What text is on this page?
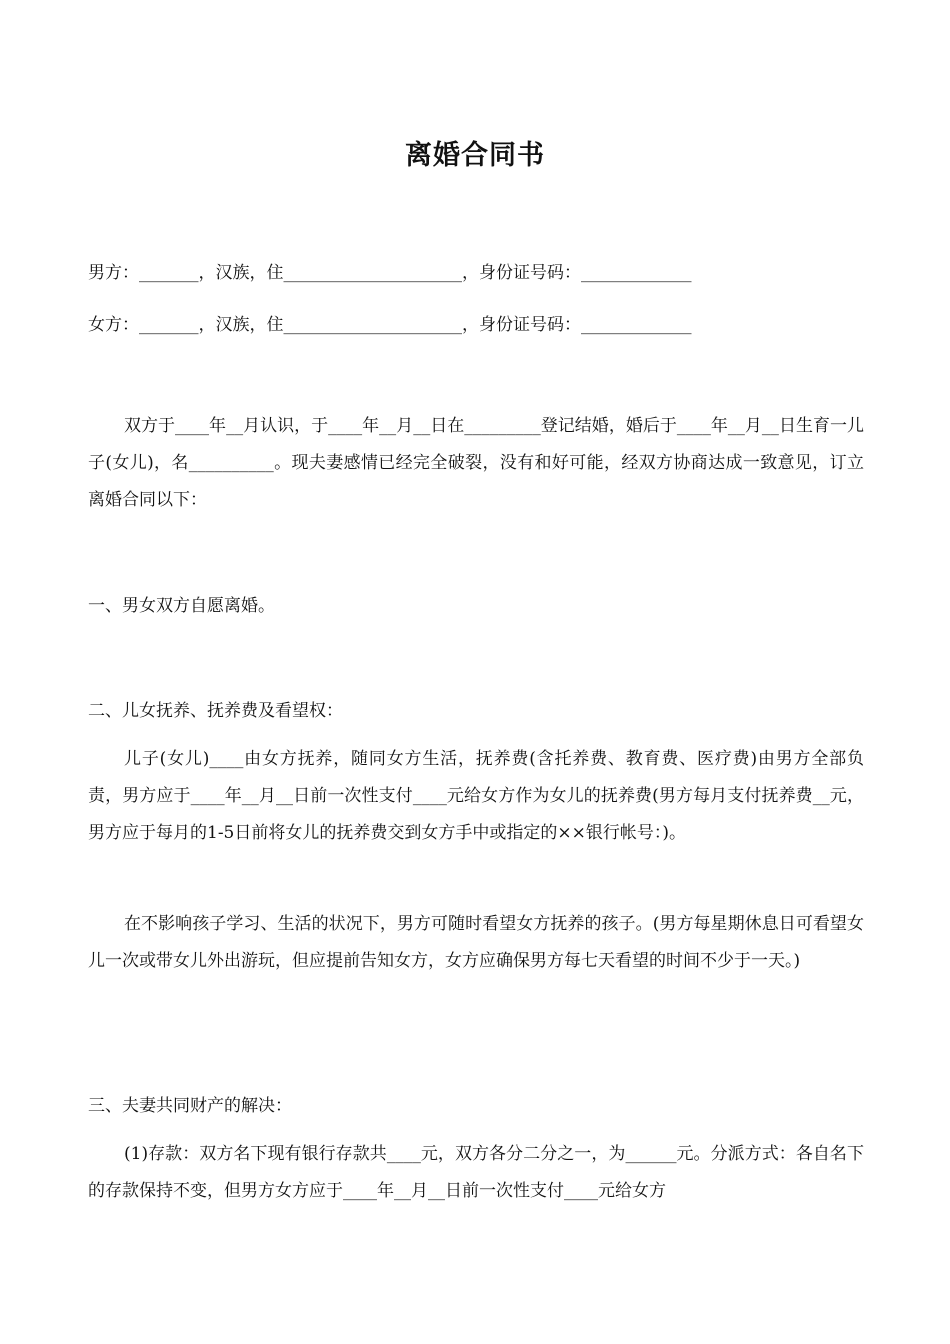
离婚合同书
男方：_______，汉族，住_____________________，身份证号码：_____________
女方：_______，汉族，住_____________________，身份证号码：_____________
双方于____年__月认识，于____年__月__日在_________登记结婚，婚后于____年__月__日生育一儿子(女儿)，名__________。现夫妻感情已经完全破裂，没有和好可能，经双方协商达成一致意见，订立离婚合同以下：
一、男女双方自愿离婚。
二、儿女抚养、抚养费及看望权：
儿子(女儿)____由女方抚养，随同女方生活，抚养费(含托养费、教育费、医疗费)由男方全部负责，男方应于____年__月__日前一次性支付____元给女方作为女儿的抚养费(男方每月支付抚养费__元，男方应于每月的1-5日前将女儿的抚养费交到女方手中或指定的××银行帐号：)。
在不影响孩子学习、生活的状况下，男方可随时看望女方抚养的孩子。(男方每星期休息日可看望女儿一次或带女儿外出游玩，但应提前告知女方，女方应确保男方每七天看望的时间不少于一天。)
三、夫妻共同财产的解决：
(1)存款：双方名下现有银行存款共____元，双方各分二分之一，为______元。分派方式：各自名下的存款保持不变，但男方女方应于____年__月__日前一次性支付____元给女方
